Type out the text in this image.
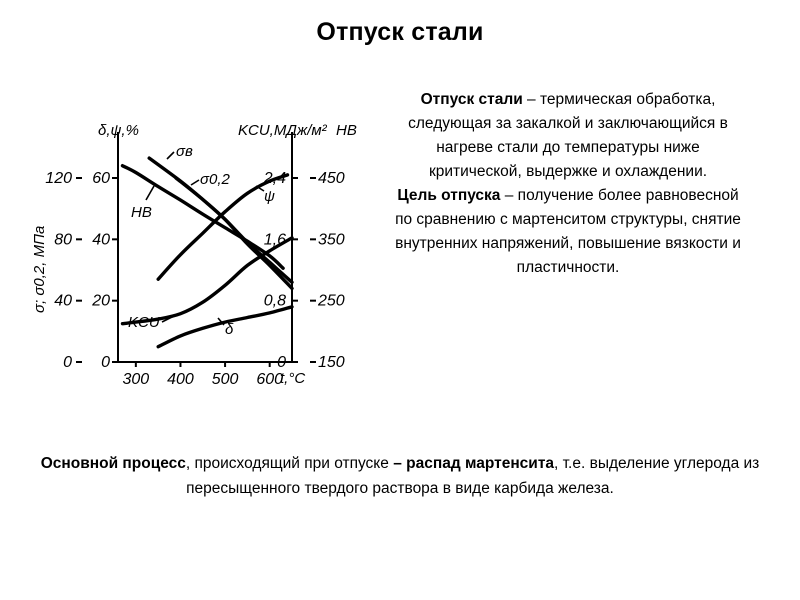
Отпуск стали
0
40
80
120
0
20
40
60
0
0,8
1,6
2,4
150
250
350
450
300 400 500 600
δ,ψ,%	KCU,МДж/м² HB
σ; σ0,2, МПа
t,°C
σв
σ0,2
НВ
ψ
KCU	δ
Отпуск стали – термическая обработка, следующая за закалкой и заключающийся в нагреве стали до температуры ниже критической, выдержке и охлаждении.
Цель отпуска – получение более равновесной по сравнению с мартенситом структуры, снятие внутренних напряжений, повышение вязкости и пластичности.
Основной процесс, происходящий при отпуске – распад мартенсита, т.е. выделение углерода из пересыщенного твердого раствора в виде карбида железа.
